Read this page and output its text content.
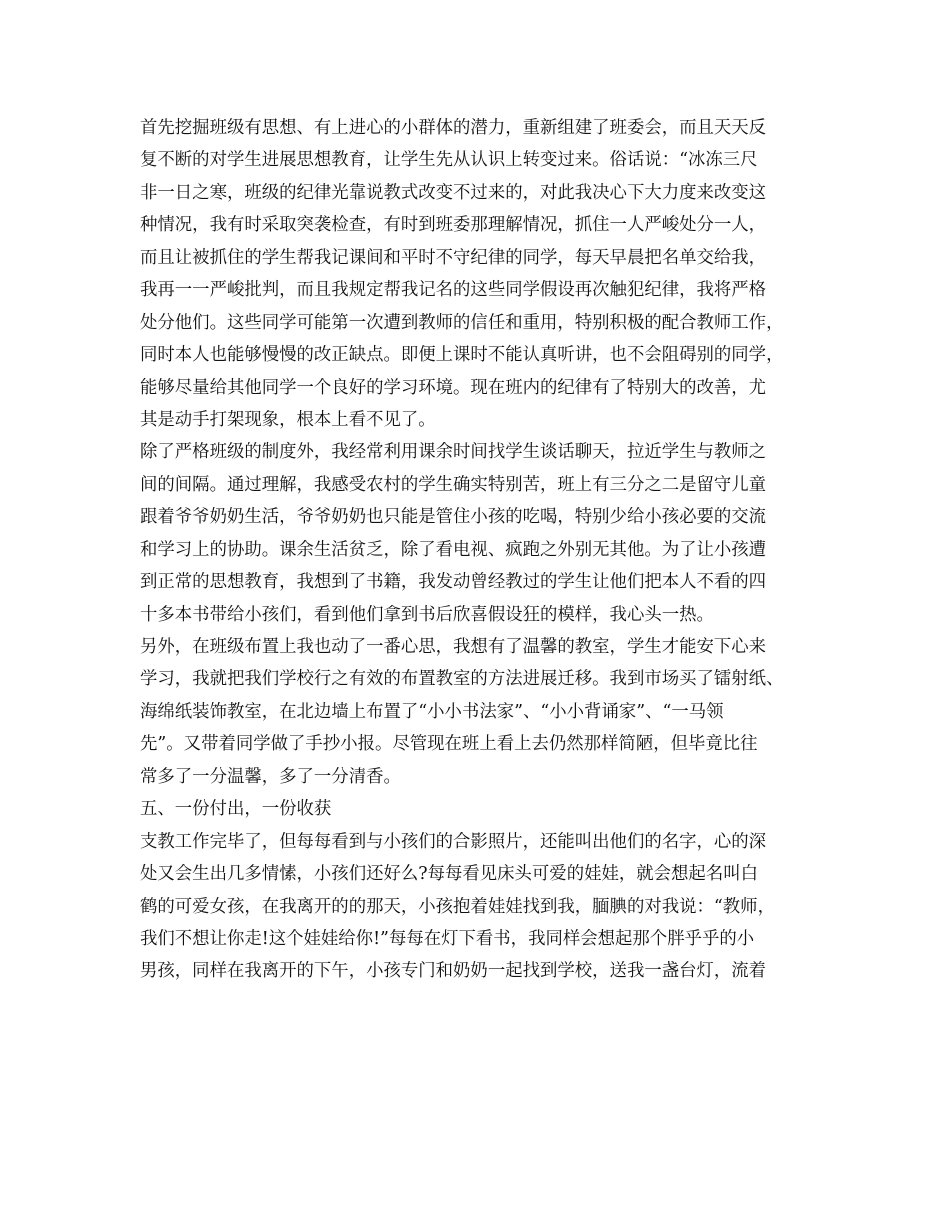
首先挖掘班级有思想、有上进心的小群体的潜力，重新组建了班委会，而且天天反
复不断的对学生进展思想教育，让学生先从认识上转变过来。俗话说：“冰冻三尺
非一日之寒，班级的纪律光靠说教式改变不过来的，对此我决心下大力度来改变这
种情况，我有时采取突袭检查，有时到班委那理解情况，抓住一人严峻处分一人，
而且让被抓住的学生帮我记课间和平时不守纪律的同学，每天早晨把名单交给我，
我再一一严峻批判，而且我规定帮我记名的这些同学假设再次触犯纪律，我将严格
处分他们。这些同学可能第一次遭到教师的信任和重用，特别积极的配合教师工作，
同时本人也能够慢慢的改正缺点。即便上课时不能认真听讲，也不会阻碍别的同学，
能够尽量给其他同学一个良好的学习环境。现在班内的纪律有了特别大的改善，尤
其是动手打架现象，根本上看不见了。
除了严格班级的制度外，我经常利用课余时间找学生谈话聊天，拉近学生与教师之
间的间隔。通过理解，我感受农村的学生确实特别苦，班上有三分之二是留守儿童
跟着爷爷奶奶生活，爷爷奶奶也只能是管住小孩的吃喝，特别少给小孩必要的交流
和学习上的协助。课余生活贫乏，除了看电视、疯跑之外别无其他。为了让小孩遭
到正常的思想教育，我想到了书籍，我发动曾经教过的学生让他们把本人不看的四
十多本书带给小孩们，看到他们拿到书后欣喜假设狂的模样，我心头一热。
另外，在班级布置上我也动了一番心思，我想有了温馨的教室，学生才能安下心来
学习，我就把我们学校行之有效的布置教室的方法进展迁移。我到市场买了镭射纸、
海绵纸装饰教室，在北边墙上布置了“小小书法家”、“小小背诵家”、“一马领
先”。又带着同学做了手抄小报。尽管现在班上看上去仍然那样简陋，但毕竟比往
常多了一分温馨，多了一分清香。
五、一份付出，一份收获
支教工作完毕了，但每每看到与小孩们的合影照片，还能叫出他们的名字，心的深
处又会生出几多情愫，小孩们还好么?每每看见床头可爱的娃娃，就会想起名叫白
鹤的可爱女孩，在我离开的的那天，小孩抱着娃娃找到我，腼腆的对我说：“教师，
我们不想让你走!这个娃娃给你!”每每在灯下看书，我同样会想起那个胖乎乎的小
男孩，同样在我离开的下午，小孩专门和奶奶一起找到学校，送我一盏台灯，流着
